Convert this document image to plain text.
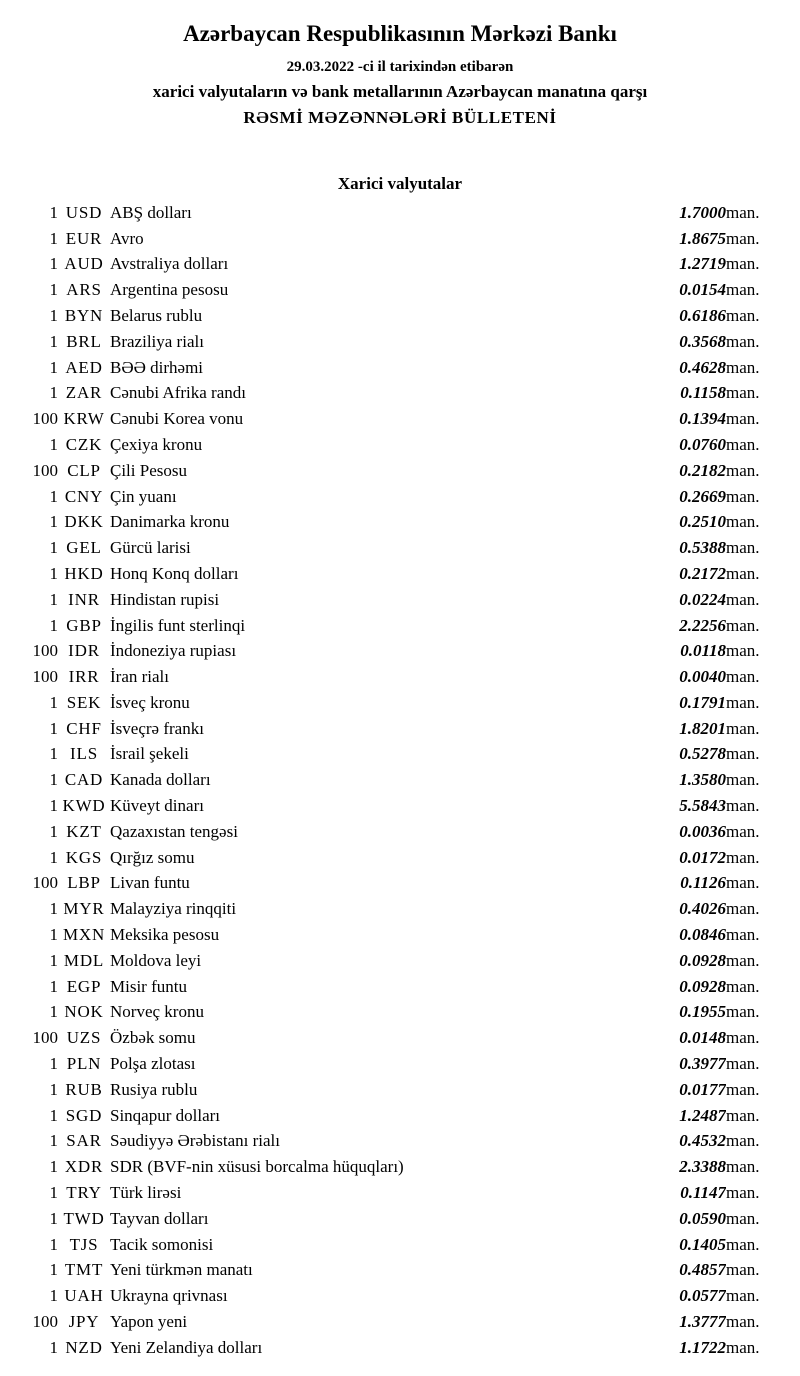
Azərbaycan Respublikasının Mərkəzi Bankı
29.03.2022 -ci il tarixindən etibarən
xarici valyutaların və bank metallarının Azərbaycan manatına qarşı
RƏSMİ MƏZƏNNƏLƏRİ BÜLLETENİ
Xarici valyutalar
1	USD	ABŞ dolları	1.7000	man.
1	EUR	Avro	1.8675	man.
1	AUD	Avstraliya dolları	1.2719	man.
1	ARS	Argentina pesosu	0.0154	man.
1	BYN	Belarus rublu	0.6186	man.
1	BRL	Braziliya rialı	0.3568	man.
1	AED	BƏƏ dirhəmi	0.4628	man.
1	ZAR	Cənubi Afrika randı	0.1158	man.
100	KRW	Cənubi Korea vonu	0.1394	man.
1	CZK	Çexiya kronu	0.0760	man.
100	CLP	Çili Pesosu	0.2182	man.
1	CNY	Çin yuanı	0.2669	man.
1	DKK	Danimarka kronu	0.2510	man.
1	GEL	Gürcü larisi	0.5388	man.
1	HKD	Honq Konq dolları	0.2172	man.
1	INR	Hindistan rupisi	0.0224	man.
1	GBP	İngilis funt sterlinqi	2.2256	man.
100	IDR	İndoneziya rupiası	0.0118	man.
100	IRR	İran rialı	0.0040	man.
1	SEK	İsveç kronu	0.1791	man.
1	CHF	İsveçrə frankı	1.8201	man.
1	ILS	İsrail şekeli	0.5278	man.
1	CAD	Kanada dolları	1.3580	man.
1	KWD	Küveyt dinarı	5.5843	man.
1	KZT	Qazaxıstan tengəsi	0.0036	man.
1	KGS	Qırğız somu	0.0172	man.
100	LBP	Livan funtu	0.1126	man.
1	MYR	Malayziya rinqqiti	0.4026	man.
1	MXN	Meksika pesosu	0.0846	man.
1	MDL	Moldova leyi	0.0928	man.
1	EGP	Misir funtu	0.0928	man.
1	NOK	Norveç kronu	0.1955	man.
100	UZS	Özbək somu	0.0148	man.
1	PLN	Polşa zlotası	0.3977	man.
1	RUB	Rusiya rublu	0.0177	man.
1	SGD	Sinqapur dolları	1.2487	man.
1	SAR	Səudiyyə Ərəbistanı rialı	0.4532	man.
1	XDR	SDR (BVF-nin xüsusi borcalma hüquqları)	2.3388	man.
1	TRY	Türk lirəsi	0.1147	man.
1	TWD	Tayvan dolları	0.0590	man.
1	TJS	Tacik somonisi	0.1405	man.
1	TMT	Yeni türkmən manatı	0.4857	man.
1	UAH	Ukrayna qrivnası	0.0577	man.
100	JPY	Yapon yeni	1.3777	man.
1	NZD	Yeni Zelandiya dolları	1.1722	man.
